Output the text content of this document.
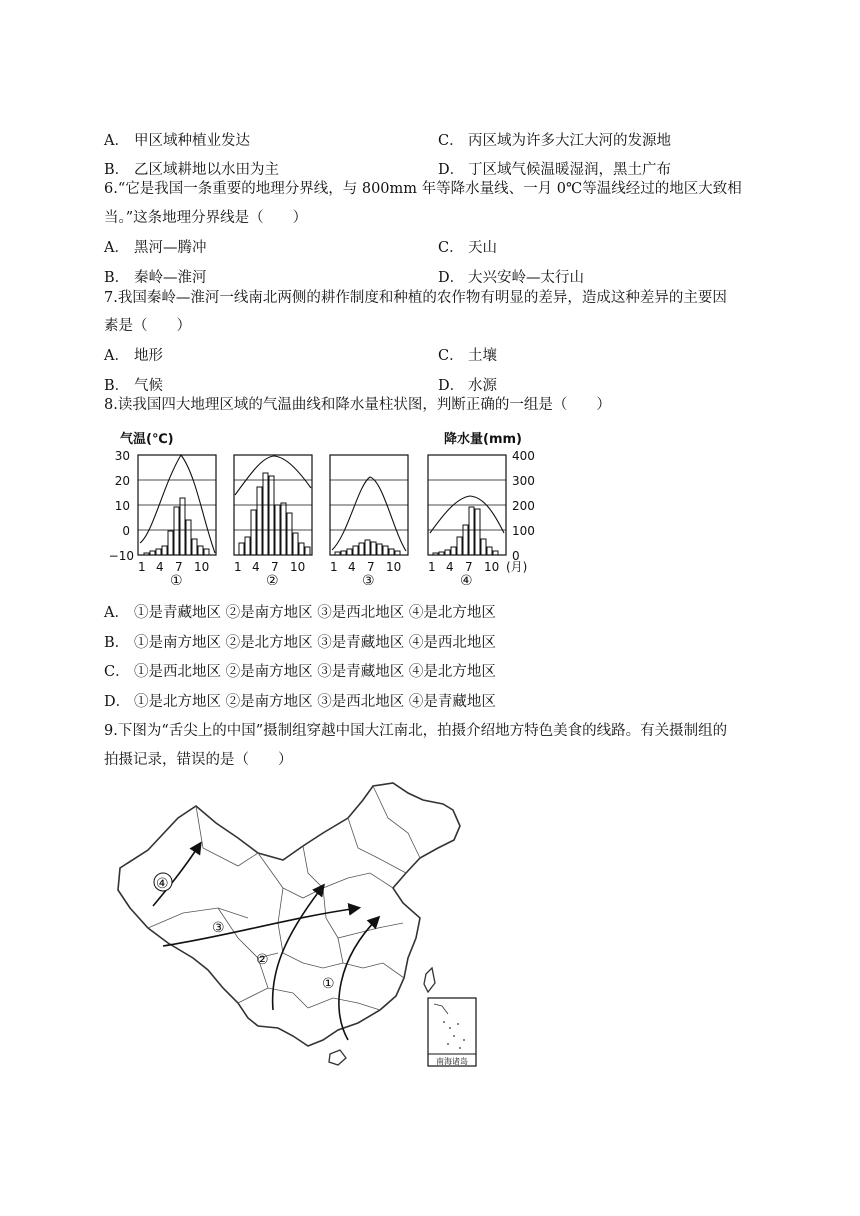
A． 甲区域种植业发达	C． 丙区域为许多大江大河的发源地
B． 乙区域耕地以水田为主	D． 丁区域气候温暖湿润，黑土广布
6.“它是我国一条重要的地理分界线，与 800mm 年等降水量线、一月 0℃等温线经过的地区大致相
当。”这条地理分界线是（　　）
A． 黑河—腾冲	C． 天山
B． 秦岭—淮河	D． 大兴安岭—太行山
7.我国秦岭—淮河一线南北两侧的耕作制度和种植的农作物有明显的差异，造成这种差异的主要因
素是（　　）
A． 地形	C． 土壤
B． 气候	D． 水源
8.读我国四大地理区域的气温曲线和降水量柱状图，判断正确的一组是（　　）
气温(℃)	降水量(mm)
30
20
10
0
−10
400
300
200
100
0
1 4 7 10
①
1 4 7 10
②
1 4 7 10
③
1 4 7 10 (月)
④
A． ①是青藏地区 ②是南方地区 ③是西北地区 ④是北方地区
B． ①是南方地区 ②是北方地区 ③是青藏地区 ④是西北地区
C． ①是西北地区 ②是南方地区 ③是青藏地区 ④是北方地区
D． ①是北方地区 ②是南方地区 ③是西北地区 ④是青藏地区
9.下图为“舌尖上的中国”摄制组穿越中国大江南北，拍摄介绍地方特色美食的线路。有关摄制组的
拍摄记录，错误的是（　　）
④
③
②
①
南海诸岛
